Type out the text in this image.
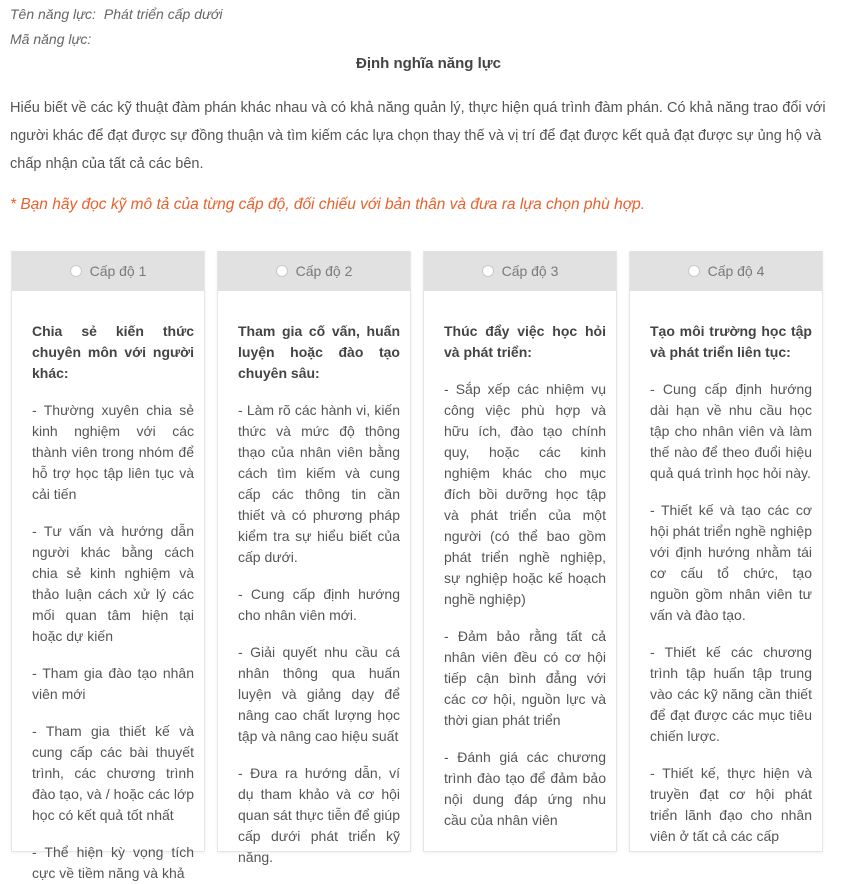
Tên năng lực: Phát triển cấp dưới
Mã năng lực:
Định nghĩa năng lực
Hiểu biết về các kỹ thuật đàm phán khác nhau và có khả năng quản lý, thực hiện quá trình đàm phán. Có khả năng trao đổi với người khác để đạt được sự đồng thuận và tìm kiếm các lựa chọn thay thế và vị trí để đạt được kết quả đạt được sự ủng hộ và chấp nhận của tất cả các bên.
* Bạn hãy đọc kỹ mô tả của từng cấp độ, đối chiếu với bản thân và đưa ra lựa chọn phù hợp.
Cấp độ 1
Chia sẻ kiến thức chuyên môn với người khác:
- Thường xuyên chia sẻ kinh nghiệm với các thành viên trong nhóm để hỗ trợ học tập liên tục và cải tiến
- Tư vấn và hướng dẫn người khác bằng cách chia sẻ kinh nghiệm và thảo luận cách xử lý các mối quan tâm hiện tại hoặc dự kiến
- Tham gia đào tạo nhân viên mới
- Tham gia thiết kế và cung cấp các bài thuyết trình, các chương trình đào tạo, và / hoặc các lớp học có kết quả tốt nhất
- Thể hiện kỳ vọng tích cực về tiềm năng và khả
Cấp độ 2
Tham gia cố vấn, huấn luyện hoặc đào tạo chuyên sâu:
- Làm rõ các hành vi, kiến thức và mức độ thông thạo của nhân viên bằng cách tìm kiếm và cung cấp các thông tin cần thiết và có phương pháp kiểm tra sự hiểu biết của cấp dưới.
- Cung cấp định hướng cho nhân viên mới.
- Giải quyết nhu cầu cá nhân thông qua huấn luyện và giảng dạy để nâng cao chất lượng học tập và nâng cao hiệu suất
- Đưa ra hướng dẫn, ví dụ tham khảo và cơ hội quan sát thực tiễn để giúp cấp dưới phát triển kỹ năng.
Cấp độ 3
Thúc đẩy việc học hỏi và phát triển:
- Sắp xếp các nhiệm vụ công việc phù hợp và hữu ích, đào tạo chính quy, hoặc các kinh nghiệm khác cho mục đích bồi dưỡng học tập và phát triển của một người (có thể bao gồm phát triển nghề nghiệp, sự nghiệp hoặc kế hoạch nghề nghiệp)
- Đảm bảo rằng tất cả nhân viên đều có cơ hội tiếp cận bình đẳng với các cơ hội, nguồn lực và thời gian phát triển
- Đánh giá các chương trình đào tạo để đảm bảo nội dung đáp ứng nhu cầu của nhân viên
Cấp độ 4
Tạo môi trường học tập và phát triển liên tục:
- Cung cấp định hướng dài hạn về nhu cầu học tập cho nhân viên và làm thế nào để theo đuổi hiệu quả quá trình học hỏi này.
- Thiết kế và tạo các cơ hội phát triển nghề nghiệp với định hướng nhằm tái cơ cấu tổ chức, tạo nguồn gồm nhân viên tư vấn và đào tạo.
- Thiết kế các chương trình tập huấn tập trung vào các kỹ năng cần thiết để đạt được các mục tiêu chiến lược.
- Thiết kế, thực hiện và truyền đạt cơ hội phát triển lãnh đạo cho nhân viên ở tất cả các cấp
